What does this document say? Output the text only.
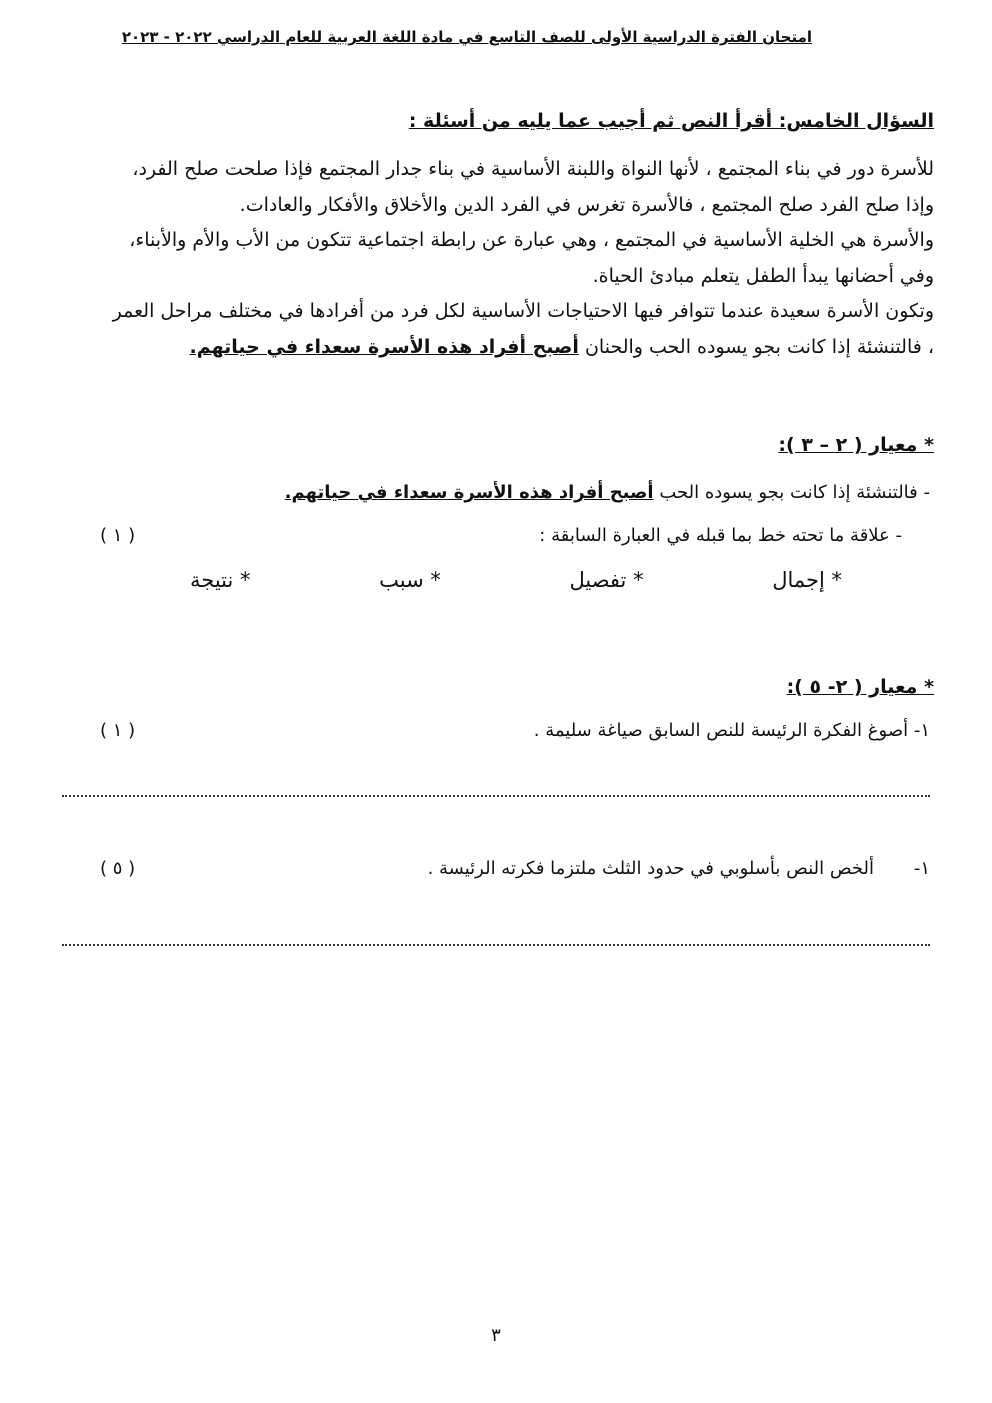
امتحان الفترة الدراسية الأولى للصف التاسع في مادة اللغة العربية للعام الدراسي ٢٠٢٢ - ٢٠٢٣
السؤال الخامس: أقرأ النص ثم أجيب عما يليه من أسئلة :
للأسرة دور في بناء المجتمع ، لأنها النواة واللبنة الأساسية في بناء جدار المجتمع فإذا صلحت صلح الفرد،
وإذا صلح الفرد صلح المجتمع ، فالأسرة تغرس في الفرد الدين والأخلاق والأفكار والعادات.
والأسرة هي الخلية الأساسية في المجتمع ، وهي عبارة عن رابطة اجتماعية تتكون من الأب والأم والأبناء،
وفي أحضانها يبدأ الطفل يتعلم مبادئ الحياة.
وتكون الأسرة سعيدة عندما تتوافر فيها الاحتياجات الأساسية لكل فرد من أفرادها في مختلف مراحل العمر
، فالتنشئة إذا كانت بجو يسوده الحب والحنان أصبح أفراد هذه الأسرة سعداء في حياتهم.
* معيار ( ٢ – ٣ ):
- فالتنشئة إذا كانت بجو يسوده الحب أصبح أفراد هذه الأسرة سعداء في حياتهم.
- علاقة ما تحته خط بما قبله في العبارة السابقة :
( ١ )
* إجمال
* تفصيل
* سبب
* نتيجة
* معيار ( ٢- ٥ ):
١- أصوغ الفكرة الرئيسة للنص السابق صياغة سليمة .
( ١ )
١-
ألخص النص بأسلوبي في حدود الثلث ملتزما فكرته الرئيسة .
( ٥ )
٣
